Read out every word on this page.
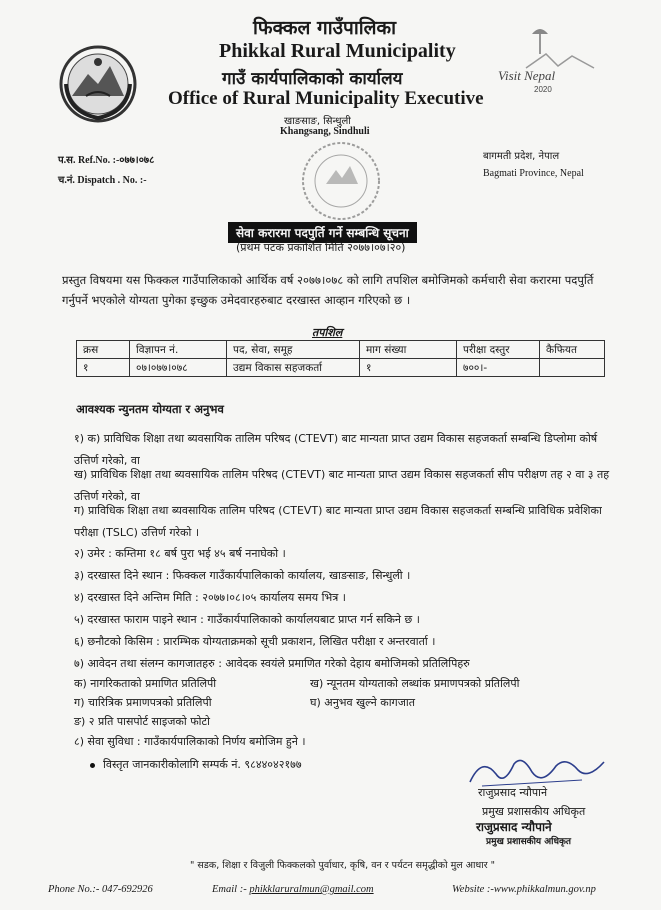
फिक्कल गाउँपालिका
Phikkal Rural Municipality
गाउँ कार्यपालिकाको कार्यालय
Office of Rural Municipality Executive
खाङसाङ, सिन्धुली
Khangsang, Sindhuli
Visit Nepal
2020
प.स. Ref.No. :-०७७।०७८
च.नं. Dispatch . No. :-
बागमती प्रदेश, नेपाल
Bagmati Province, Nepal
सेवा करारमा पदपुर्ति गर्ने सम्बन्धि सूचना
(प्रथम पटक प्रकाशित मिति २०७७।०७।२०)
प्रस्तुत विषयमा यस फिक्कल गाउँपालिकाको आर्थिक वर्ष २०७७।०७८ को लागि तपशिल बमोजिमको कर्मचारी सेवा करारमा पदपुर्ति गर्नुपर्ने भएकोले योग्यता पुगेका इच्छुक उमेदवारहरुबाट दरखास्त आव्हान गरिएको छ ।
तपशिल
क्रस	विज्ञापन नं.	पद, सेवा, समूह	माग संख्या	परीक्षा दस्तुर	कैफियत
१	०७।०७७।०७८	उद्यम विकास सहजकर्ता	१	७००।-	
आवश्यक न्युनतम योग्यता र अनुभव
१) क) प्राविधिक शिक्षा तथा ब्यवसायिक तालिम परिषद (CTEVT) बाट मान्यता प्राप्त उद्यम विकास सहजकर्ता सम्बन्धि डिप्लोमा कोर्ष उत्तिर्ण गरेको, वा
ख) प्राविधिक शिक्षा तथा ब्यवसायिक तालिम परिषद (CTEVT) बाट मान्यता प्राप्त उद्यम विकास सहजकर्ता सीप परीक्षण तह २ वा ३ तह उत्तिर्ण गरेको, वा
ग) प्राविधिक शिक्षा तथा ब्यवसायिक तालिम परिषद (CTEVT) बाट मान्यता प्राप्त उद्यम विकास सहजकर्ता सम्बन्धि प्राविधिक प्रवेशिका परीक्षा (TSLC) उत्तिर्ण गरेको ।
२) उमेर : कम्तिमा १८ बर्ष पुरा भई ४५ बर्ष ननाघेको ।
३) दरखास्त दिने स्थान : फिक्कल गाउँकार्यपालिकाको कार्यालय, खाङसाङ, सिन्धुली ।
४) दरखास्त दिने अन्तिम मिति : २०७७।०८।०५ कार्यालय समय भित्र ।
५) दरखास्त फाराम पाइने स्थान : गाउँकार्यपालिकाको कार्यालयबाट प्राप्त गर्न सकिने छ ।
६) छनौटको किसिम : प्रारम्भिक योग्यताक्रमको सूची प्रकाशन, लिखित परीक्षा र अन्तरवार्ता ।
७) आवेदन तथा संलग्न कागजातहरु : आवेदक स्वयंले प्रमाणित गरेको देहाय बमोजिमको प्रतिलिपिहरु
क) नागरिकताको प्रमाणित प्रतिलिपी
ग) चारित्रिक प्रमाणपत्रको प्रतिलिपी
ङ) २ प्रति पासपोर्ट साइजको फोटो
ख) न्यूनतम योग्यताको लब्धांक प्रमाणपत्रको प्रतिलिपी
घ) अनुभव खुल्ने कागजात
८) सेवा सुविधा : गाउँकार्यपालिकाको निर्णय बमोजिम हुने ।
विस्तृत जानकारीकोलागि सम्पर्क नं. ९८४४०४२१७७
राजुप्रसाद न्यौपाने
प्रमुख प्रशासकीय अधिकृत
राजुप्रसाद न्यौपाने
प्रमुख प्रशासकीय अधिकृत
" सडक, शिक्षा र विजुली फिक्कलको पुर्वाधार, कृषि, वन र पर्यटन समृद्धीको मुल आधार "
Phone No.:- 047-692926	Email :- phikklaruralmun@gmail.com	Website :-www.phikkalmun.gov.np
